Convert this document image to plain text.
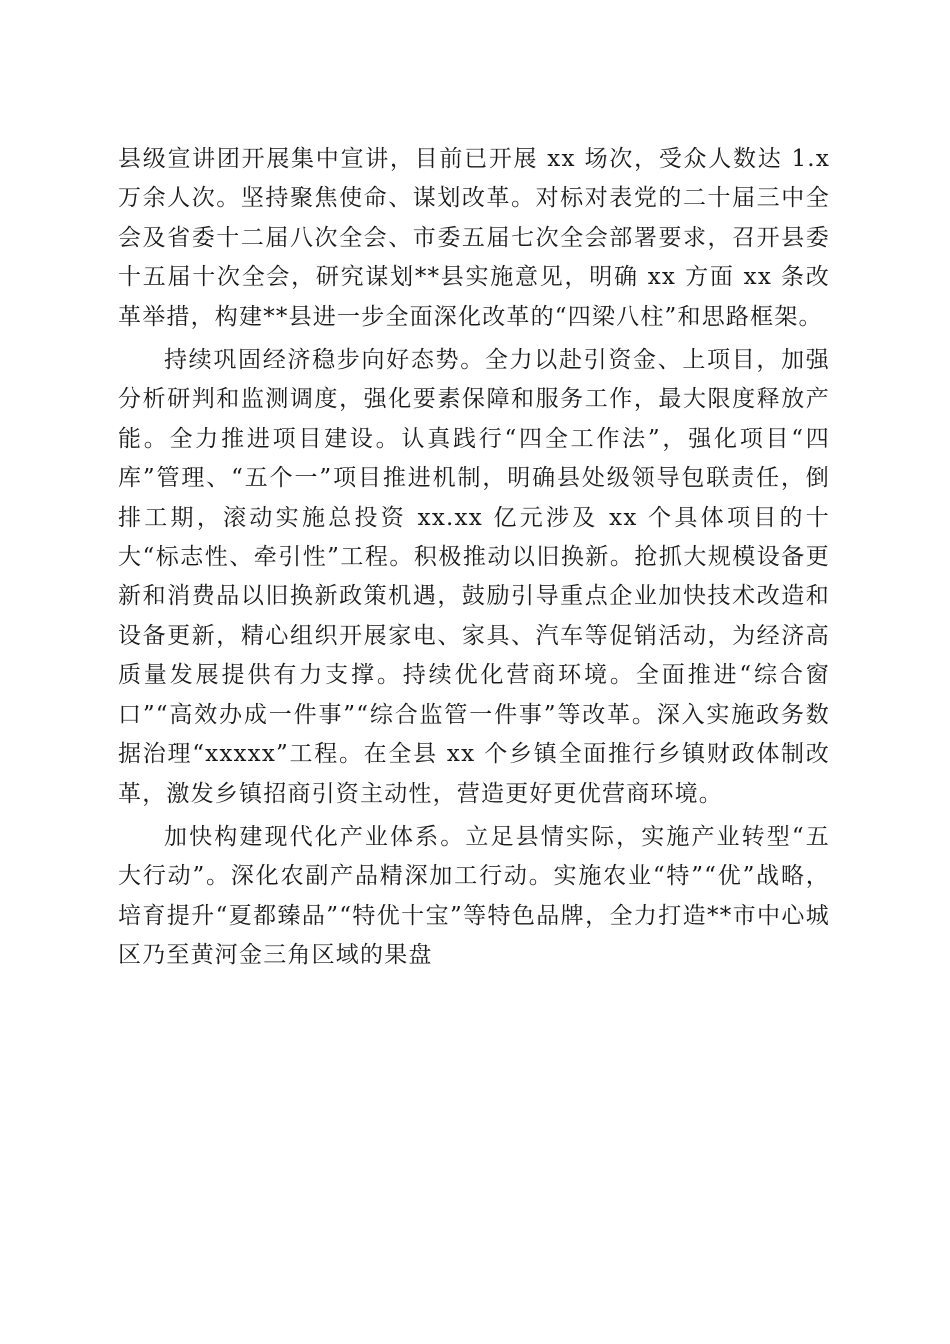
县级宣讲团开展集中宣讲，目前已开展 xx 场次，受众人数达 1.x 万余人次。坚持聚焦使命、谋划改革。对标对表党的二十届三中全会及省委十二届八次全会、市委五届七次全会部署要求，召开县委十五届十次全会，研究谋划**县实施意见，明确 xx 方面 xx 条改革举措，构建**县进一步全面深化改革的“四梁八柱”和思路框架。

持续巩固经济稳步向好态势。全力以赴引资金、上项目，加强分析研判和监测调度，强化要素保障和服务工作，最大限度释放产能。全力推进项目建设。认真践行“四全工作法”，强化项目“四库”管理、“五个一”项目推进机制，明确县处级领导包联责任，倒排工期，滚动实施总投资 xx.xx 亿元涉及 xx 个具体项目的十大“标志性、牵引性”工程。积极推动以旧换新。抢抓大规模设备更新和消费品以旧换新政策机遇，鼓励引导重点企业加快技术改造和设备更新，精心组织开展家电、家具、汽车等促销活动，为经济高质量发展提供有力支撑。持续优化营商环境。全面推进“综合窗口”“高效办成一件事”“综合监管一件事”等改革。深入实施政务数据治理“xxxxx”工程。在全县 xx 个乡镇全面推行乡镇财政体制改革，激发乡镇招商引资主动性，营造更好更优营商环境。

加快构建现代化产业体系。立足县情实际，实施产业转型“五大行动”。深化农副产品精深加工行动。实施农业“特”“优”战略，培育提升“夏都臻品”“特优十宝”等特色品牌，全力打造**市中心城区乃至黄河金三角区域的果盘
